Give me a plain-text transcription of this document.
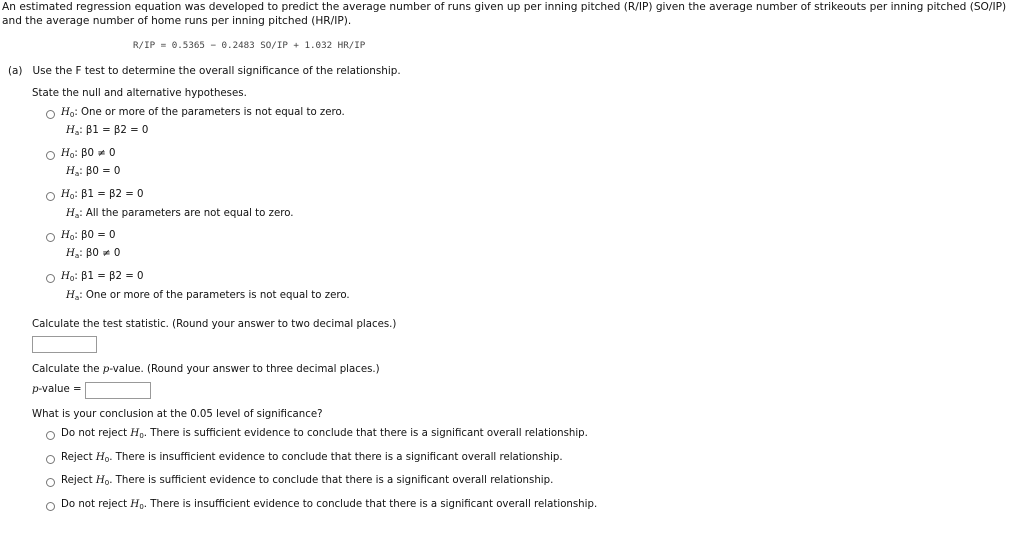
An estimated regression equation was developed to predict the average number of runs given up per inning pitched (R/IP) given the average number of strikeouts per inning pitched (SO/IP) and the average number of home runs per inning pitched (HR/IP).
R/IP = 0.5365 − 0.2483 SO/IP + 1.032 HR/IP
(a) Use the F test to determine the overall significance of the relationship.
State the null and alternative hypotheses.
$H_0$: One or more of the parameters is not equal to zero.
$H_a$: β1 = β2 = 0
$H_0$: β0 ≠ 0
$H_a$: β0 = 0
$H_0$: β1 = β2 = 0
$H_a$: All the parameters are not equal to zero.
$H_0$: β0 = 0
$H_a$: β0 ≠ 0
$H_0$: β1 = β2 = 0
$H_a$: One or more of the parameters is not equal to zero.
Calculate the test statistic. (Round your answer to two decimal places.)
Calculate the p-value. (Round your answer to three decimal places.)
p-value =
What is your conclusion at the 0.05 level of significance?
Do not reject $H_0$. There is sufficient evidence to conclude that there is a significant overall relationship.
Reject $H_0$. There is insufficient evidence to conclude that there is a significant overall relationship.
Reject $H_0$. There is sufficient evidence to conclude that there is a significant overall relationship.
Do not reject $H_0$. There is insufficient evidence to conclude that there is a significant overall relationship.
